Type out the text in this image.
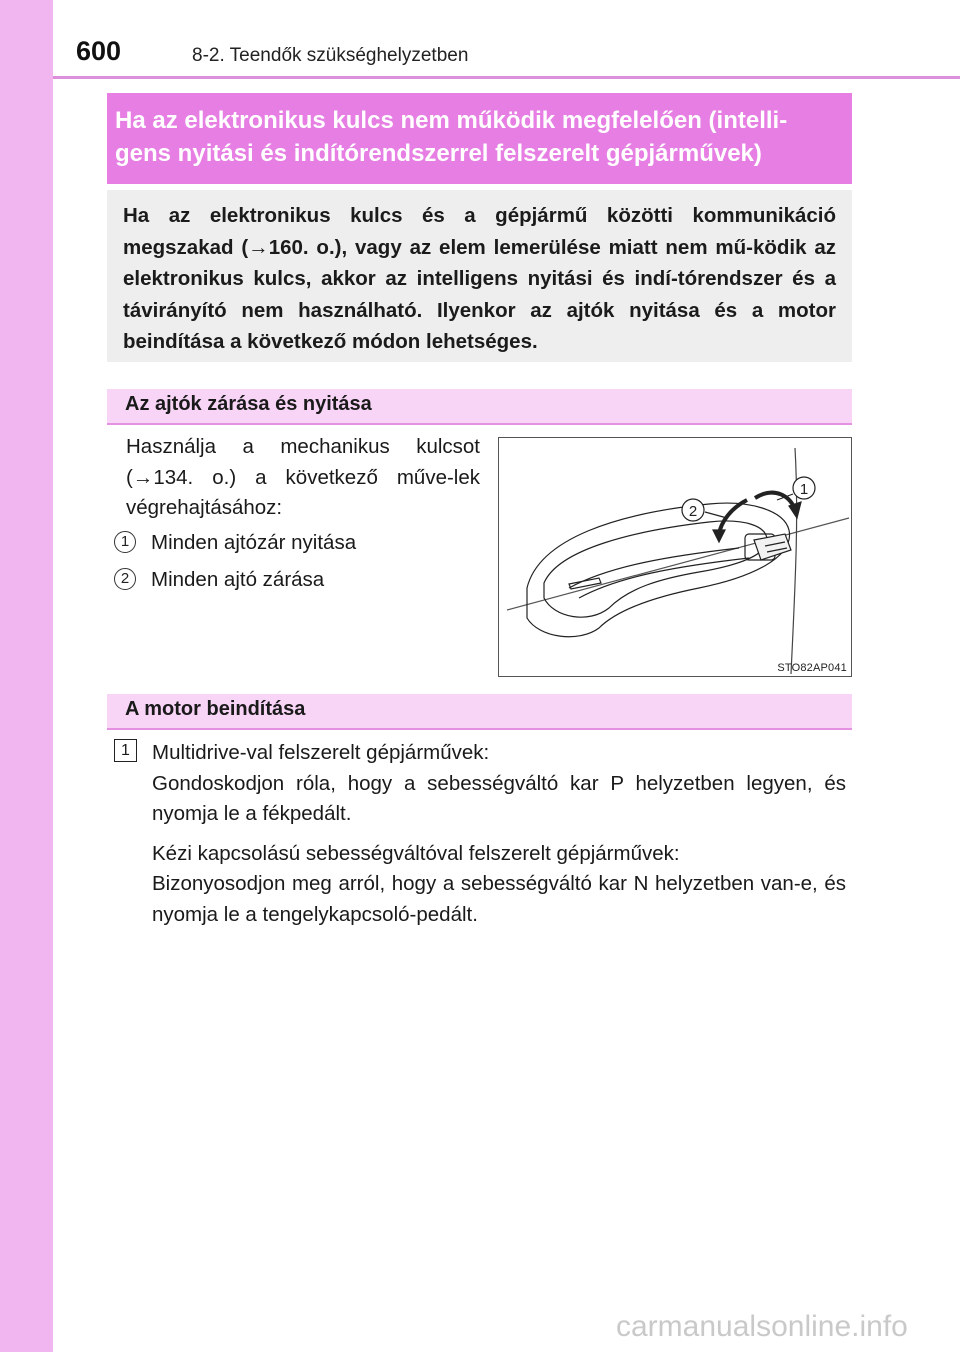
600	8-2. Teendők szükséghelyzetben
Ha az elektronikus kulcs nem működik megfelelően (intelli-
gens nyitási és indítórendszerrel felszerelt gépjárművek)

Ha az elektronikus kulcs és a gépjármű közötti kommunikáció megszakad (→160. o.), vagy az elem lemerülése miatt nem mű-ködik az elektronikus kulcs, akkor az intelligens nyitási és indí-tórendszer és a távirányító nem használható. Ilyenkor az ajtók nyitása és a motor beindítása a következő módon lehetséges.

Az ajtók zárása és nyitása

Használja a mechanikus kulcsot (→134. o.) a következő műve-lek végrehajtásához:

1	Minden ajtózár nyitása
2	Minden ajtó zárása
1
2
STO82AP041
A motor beindítása
1	Multidrive-val felszerelt gépjárművek:

Gondoskodjon róla, hogy a sebességváltó kar P helyzetben legyen, és nyomja le a fékpedált.

Kézi kapcsolású sebességváltóval felszerelt gépjárművek:

Bizonyosodjon meg arról, hogy a sebességváltó kar N helyzetben van-e, és nyomja le a tengelykapcsoló-pedált.

carmanualsonline.info
